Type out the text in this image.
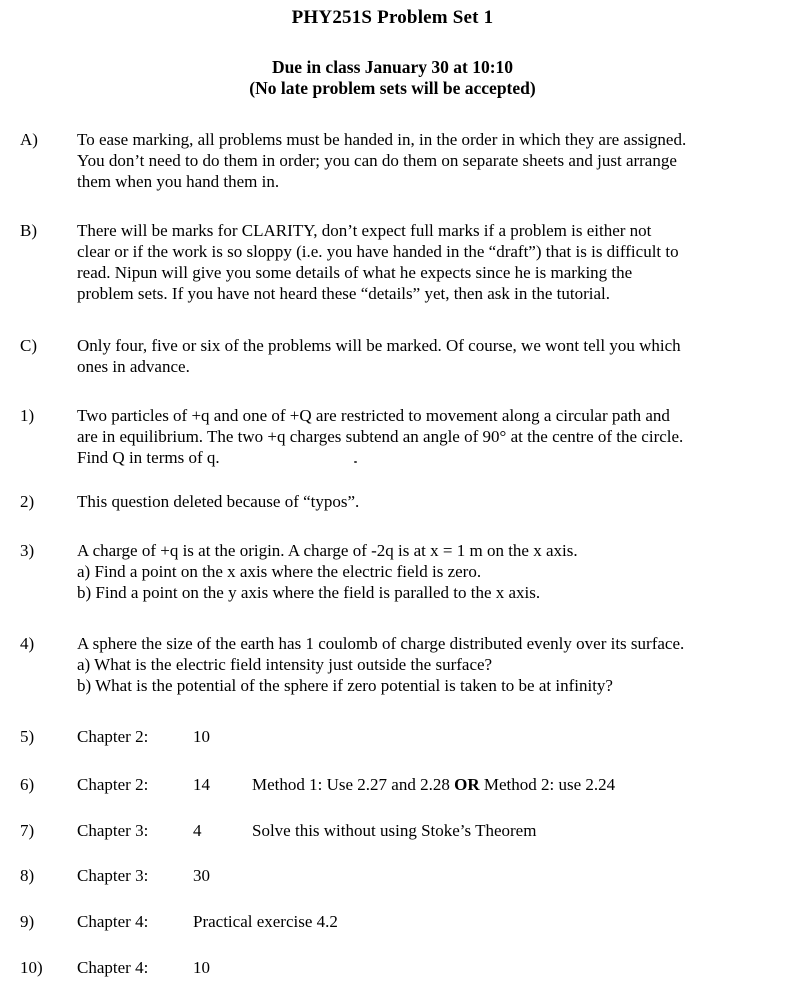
PHY251S Problem Set 1
Due in class January 30 at 10:10
(No late problem sets will be accepted)
A)	To ease marking, all problems must be handed in, in the order in which they are assigned.
You don’t need to do them in order; you can do them on separate sheets and just arrange
them when you hand them in.
B)	There will be marks for CLARITY, don’t expect full marks if a problem is either not
clear or if the work is so sloppy (i.e. you have handed in the “draft”) that is is difficult to
read. Nipun will give you some details of what he expects since he is marking the
problem sets. If you have not heard these “details” yet, then ask in the tutorial.
C)	Only four, five or six of the problems will be marked. Of course, we wont tell you which
ones in advance.
1)	Two particles of +q and one of +Q are restricted to movement along a circular path and
are in equilibrium. The two +q charges subtend an angle of 90° at the centre of the circle.
Find Q in terms of q.
2)	This question deleted because of “typos”.
3)	A charge of +q is at the origin. A charge of -2q is at x = 1 m on the x axis.
a) Find a point on the x axis where the electric field is zero.
b) Find a point on the y axis where the field is paralled to the x axis.
4)	A sphere the size of the earth has 1 coulomb of charge distributed evenly over its surface.
a) What is the electric field intensity just outside the surface?
b) What is the potential of the sphere if zero potential is taken to be at infinity?
5)	Chapter 2:	10
6)	Chapter 2:	14	Method 1: Use 2.27 and 2.28 OR Method 2: use 2.24
7)	Chapter 3:	4	Solve this without using Stoke’s Theorem
8)	Chapter 3:	30
9)	Chapter 4:	Practical exercise 4.2
10)	Chapter 4:	10
